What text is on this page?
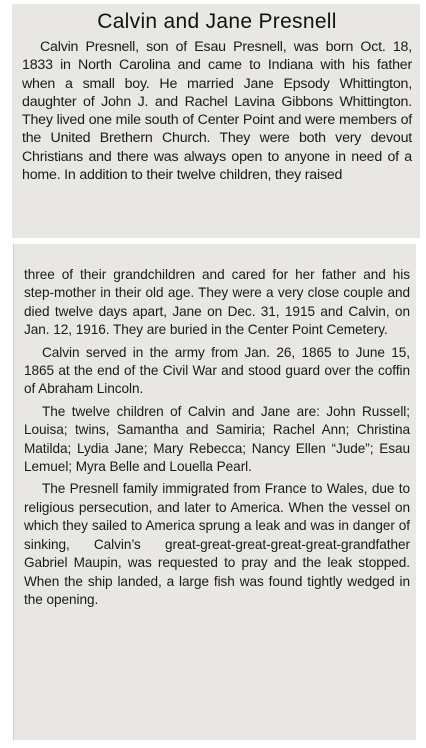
Calvin and Jane Presnell

Calvin Presnell, son of Esau Presnell, was born Oct. 18, 1833 in North Carolina and came to Indiana with his father when a small boy. He married Jane Epsody Whittington, daughter of John J. and Rachel Lavina Gibbons Whittington. They lived one mile south of Center Point and were members of the United Brethern Church. They were both very devout Christians and there was always open to anyone in need of a home. In addition to their twelve children, they raised

three of their grandchildren and cared for her father and his step-mother in their old age. They were a very close couple and died twelve days apart, Jane on Dec. 31, 1915 and Calvin, on Jan. 12, 1916. They are buried in the Center Point Cemetery.

Calvin served in the army from Jan. 26, 1865 to June 15, 1865 at the end of the Civil War and stood guard over the coffin of Abraham Lincoln.

The twelve children of Calvin and Jane are: John Russell; Louisa; twins, Samantha and Samiria; Rachel Ann; Christina Matilda; Lydia Jane; Mary Rebecca; Nancy Ellen “Jude”; Esau Lemuel; Myra Belle and Louella Pearl.

The Presnell family immigrated from France to Wales, due to religious persecution, and later to America. When the vessel on which they sailed to America sprung a leak and was in danger of sinking, Calvin’s great-great-great-great-great-grandfather Gabriel Maupin, was requested to pray and the leak stopped. When the ship landed, a large fish was found tightly wedged in the opening.
